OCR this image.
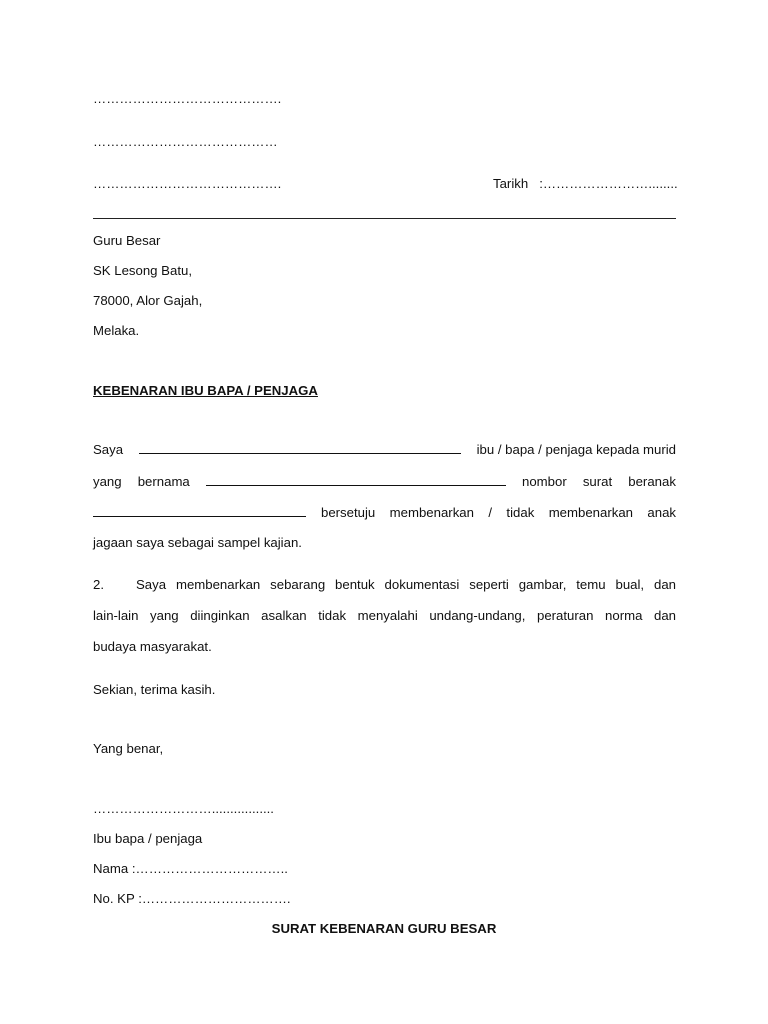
…………………………………….
……………………………………
…………………………………….	Tarikh :……………………........
Guru Besar
SK Lesong Batu,
78000, Alor Gajah,
Melaka.
KEBENARAN IBU BAPA / PENJAGA
Saya	ibu / bapa / penjaga kepada murid
yang bernama	nombor surat beranak
bersetuju membenarkan / tidak membenarkan anak
jagaan saya sebagai sampel kajian.
2. Saya membenarkan sebarang bentuk dokumentasi seperti gambar, temu bual, dan
lain-lain yang diinginkan asalkan tidak menyalahi undang-undang, peraturan norma dan
budaya masyarakat.
Sekian, terima kasih.
Yang benar,
……………………….................
Ibu bapa / penjaga
Nama :……………………………..
No. KP :…………………………….
SURAT KEBENARAN GURU BESAR
